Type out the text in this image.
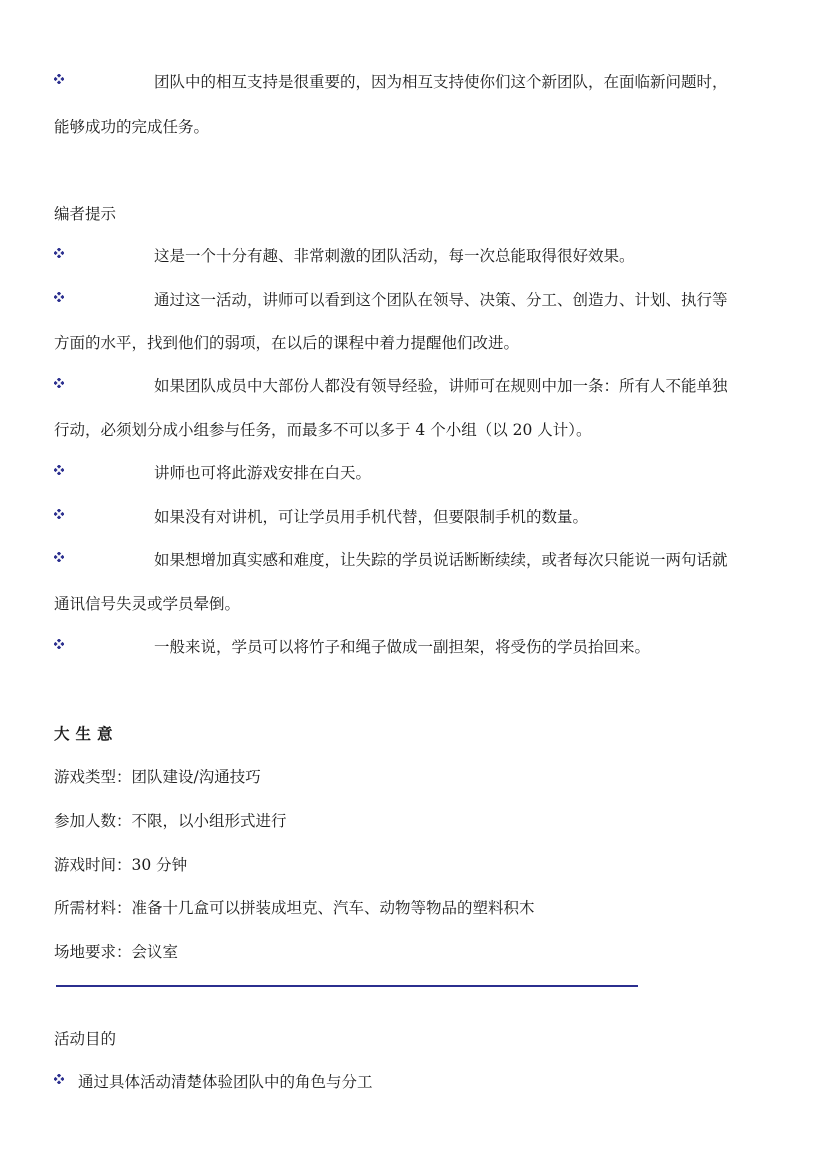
团队中的相互支持是很重要的，因为相互支持使你们这个新团队，在面临新问题时，
能够成功的完成任务。
编者提示
这是一个十分有趣、非常刺激的团队活动，每一次总能取得很好效果。
通过这一活动，讲师可以看到这个团队在领导、决策、分工、创造力、计划、执行等
方面的水平，找到他们的弱项，在以后的课程中着力提醒他们改进。
如果团队成员中大部份人都没有领导经验，讲师可在规则中加一条：所有人不能单独
行动，必须划分成小组参与任务，而最多不可以多于 4 个小组（以 20 人计）。
讲师也可将此游戏安排在白天。
如果没有对讲机，可让学员用手机代替，但要限制手机的数量。
如果想增加真实感和难度，让失踪的学员说话断断续续，或者每次只能说一两句话就
通讯信号失灵或学员晕倒。
一般来说，学员可以将竹子和绳子做成一副担架，将受伤的学员抬回来。
大生意
游戏类型：团队建设/沟通技巧
参加人数：不限，以小组形式进行
游戏时间：30 分钟
所需材料：准备十几盒可以拼装成坦克、汽车、动物等物品的塑料积木
场地要求：会议室
活动目的
通过具体活动清楚体验团队中的角色与分工
